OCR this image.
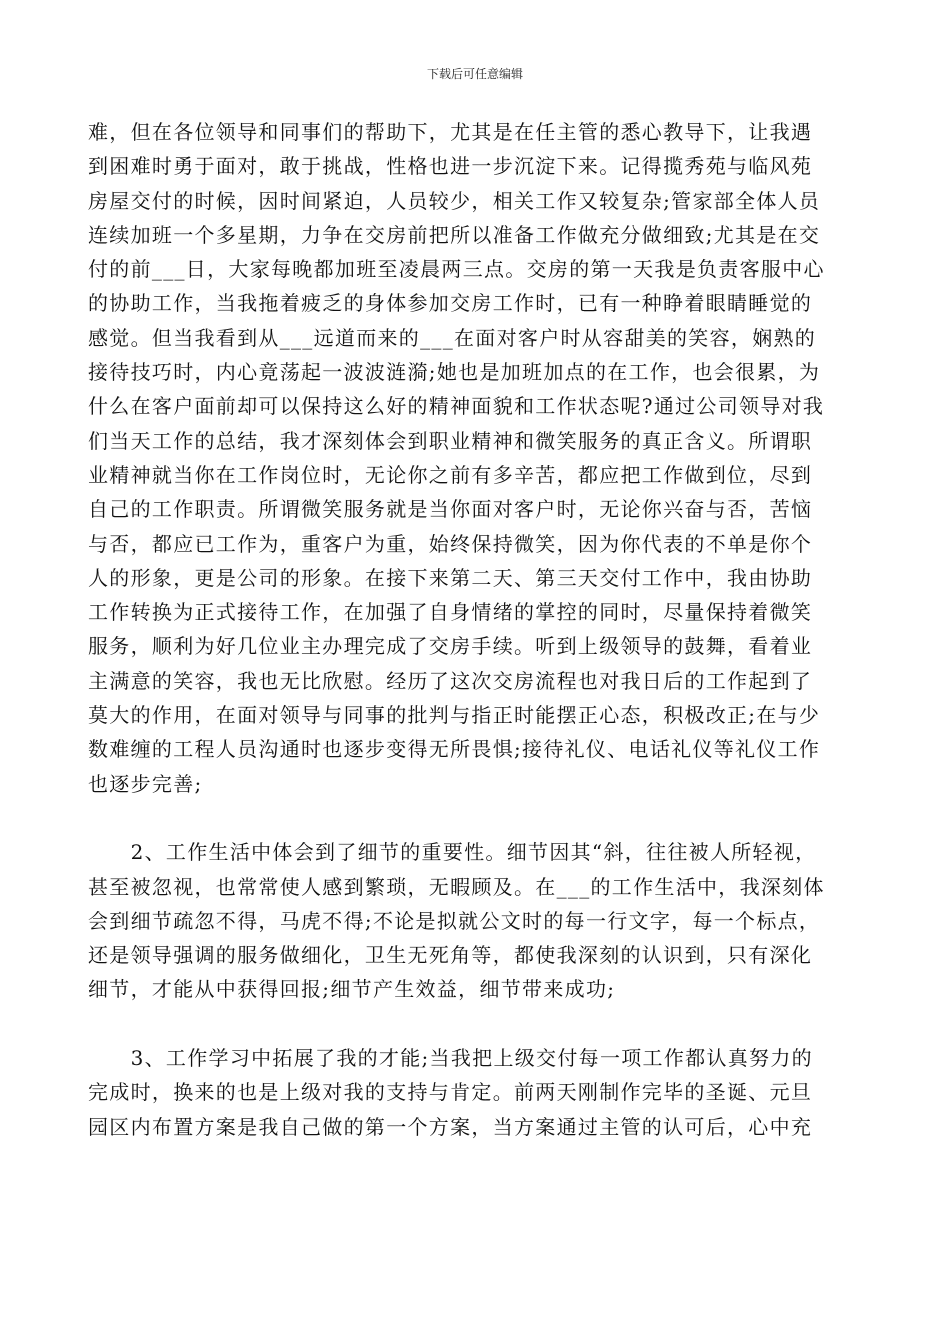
下载后可任意编辑
难，但在各位领导和同事们的帮助下，尤其是在任主管的悉心教导下，让我遇
到困难时勇于面对，敢于挑战，性格也进一步沉淀下来。记得揽秀苑与临风苑
房屋交付的时候，因时间紧迫，人员较少，相关工作又较复杂;管家部全体人员
连续加班一个多星期，力争在交房前把所以准备工作做充分做细致;尤其是在交
付的前___日，大家每晚都加班至凌晨两三点。交房的第一天我是负责客服中心
的协助工作，当我拖着疲乏的身体参加交房工作时，已有一种睁着眼睛睡觉的
感觉。但当我看到从___远道而来的___在面对客户时从容甜美的笑容，娴熟的
接待技巧时，内心竟荡起一波波涟漪;她也是加班加点的在工作，也会很累，为
什么在客户面前却可以保持这么好的精神面貌和工作状态呢?通过公司领导对我
们当天工作的总结，我才深刻体会到职业精神和微笑服务的真正含义。所谓职
业精神就当你在工作岗位时，无论你之前有多辛苦，都应把工作做到位，尽到
自己的工作职责。所谓微笑服务就是当你面对客户时，无论你兴奋与否，苦恼
与否，都应已工作为，重客户为重，始终保持微笑，因为你代表的不单是你个
人的形象，更是公司的形象。在接下来第二天、第三天交付工作中，我由协助
工作转换为正式接待工作，在加强了自身情绪的掌控的同时，尽量保持着微笑
服务，顺利为好几位业主办理完成了交房手续。听到上级领导的鼓舞，看着业
主满意的笑容，我也无比欣慰。经历了这次交房流程也对我日后的工作起到了
莫大的作用，在面对领导与同事的批判与指正时能摆正心态，积极改正;在与少
数难缠的工程人员沟通时也逐步变得无所畏惧;接待礼仪、电话礼仪等礼仪工作
也逐步完善;
　　2、工作生活中体会到了细节的重要性。细节因其“斜，往往被人所轻视，
甚至被忽视，也常常使人感到繁琐，无暇顾及。在___的工作生活中，我深刻体
会到细节疏忽不得，马虎不得;不论是拟就公文时的每一行文字，每一个标点，
还是领导强调的服务做细化，卫生无死角等，都使我深刻的认识到，只有深化
细节，才能从中获得回报;细节产生效益，细节带来成功;
　　3、工作学习中拓展了我的才能;当我把上级交付每一项工作都认真努力的
完成时，换来的也是上级对我的支持与肯定。前两天刚制作完毕的圣诞、元旦
园区内布置方案是我自己做的第一个方案，当方案通过主管的认可后，心中充
